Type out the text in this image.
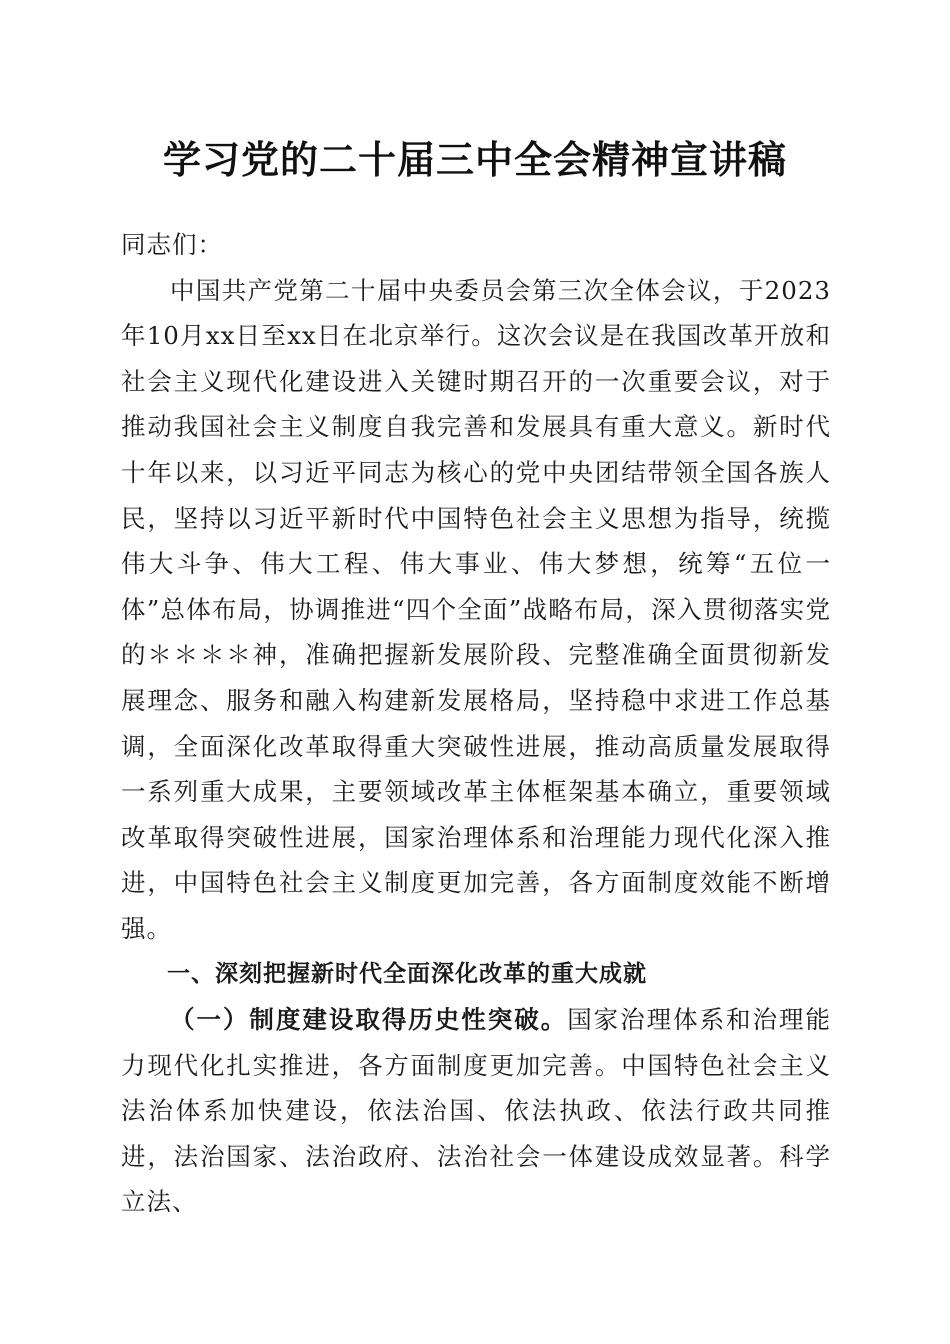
学习党的二十届三中全会精神宣讲稿

同志们：

中国共产党第二十届中央委员会第三次全体会议，于2023年10月xx日至xx日在北京举行。这次会议是在我国改革开放和社会主义现代化建设进入关键时期召开的一次重要会议，对于推动我国社会主义制度自我完善和发展具有重大意义。新时代十年以来，以习近平同志为核心的党中央团结带领全国各族人民，坚持以习近平新时代中国特色社会主义思想为指导，统揽伟大斗争、伟大工程、伟大事业、伟大梦想，统筹“五位一体”总体布局，协调推进“四个全面”战略布局，深入贯彻落实党的＊＊＊＊神，准确把握新发展阶段、完整准确全面贯彻新发展理念、服务和融入构建新发展格局，坚持稳中求进工作总基调，全面深化改革取得重大突破性进展，推动高质量发展取得一系列重大成果，主要领域改革主体框架基本确立，重要领域改革取得突破性进展，国家治理体系和治理能力现代化深入推进，中国特色社会主义制度更加完善，各方面制度效能不断增强。

一、深刻把握新时代全面深化改革的重大成就

（一）制度建设取得历史性突破。国家治理体系和治理能力现代化扎实推进，各方面制度更加完善。中国特色社会主义法治体系加快建设，依法治国、依法执政、依法行政共同推进，法治国家、法治政府、法治社会一体建设成效显著。科学立法、
